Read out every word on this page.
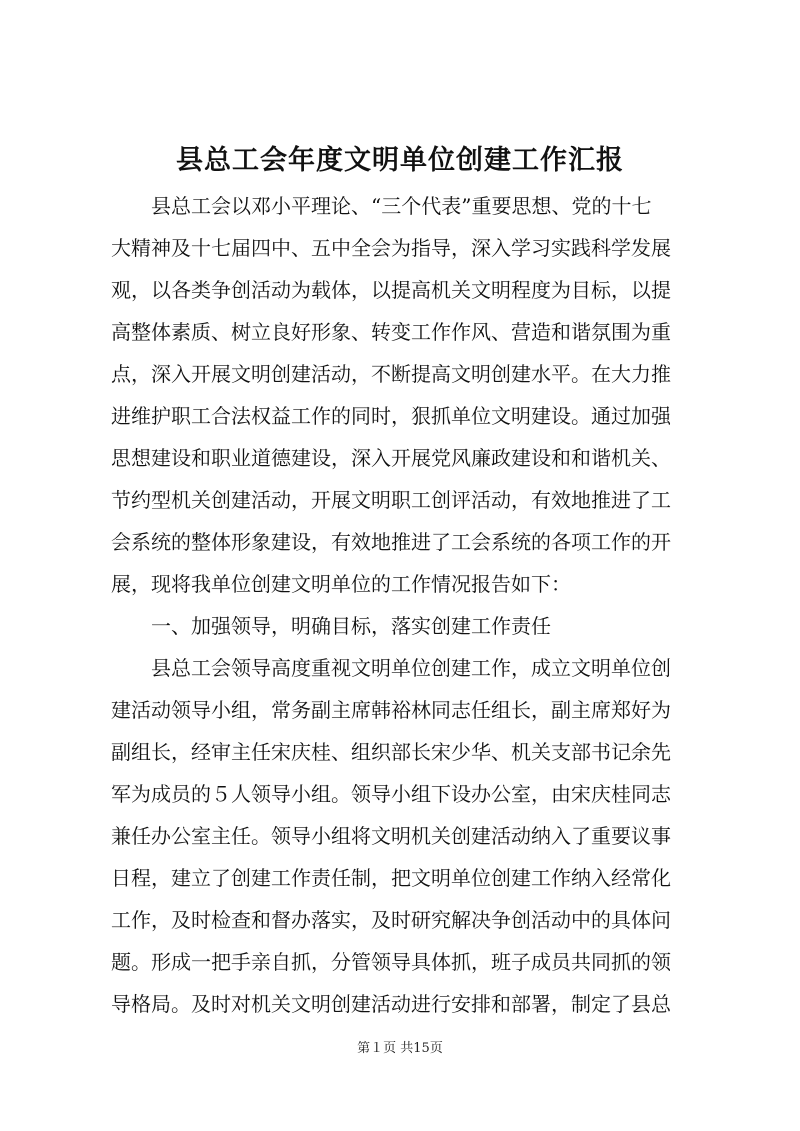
县总工会年度文明单位创建工作汇报
县总工会以邓小平理论、“三个代表”重要思想、党的十七
大精神及十七届四中、五中全会为指导，深入学习实践科学发展
观，以各类争创活动为载体，以提高机关文明程度为目标，以提
高整体素质、树立良好形象、转变工作作风、营造和谐氛围为重
点，深入开展文明创建活动，不断提高文明创建水平。在大力推
进维护职工合法权益工作的同时，狠抓单位文明建设。通过加强
思想建设和职业道德建设，深入开展党风廉政建设和和谐机关、
节约型机关创建活动，开展文明职工创评活动，有效地推进了工
会系统的整体形象建设，有效地推进了工会系统的各项工作的开
展，现将我单位创建文明单位的工作情况报告如下：
一、加强领导，明确目标，落实创建工作责任
县总工会领导高度重视文明单位创建工作，成立文明单位创
建活动领导小组，常务副主席韩裕林同志任组长，副主席郑好为
副组长，经审主任宋庆桂、组织部长宋少华、机关支部书记余先
军为成员的５人领导小组。领导小组下设办公室，由宋庆桂同志
兼任办公室主任。领导小组将文明机关创建活动纳入了重要议事
日程，建立了创建工作责任制，把文明单位创建工作纳入经常化
工作，及时检查和督办落实，及时研究解决争创活动中的具体问
题。形成一把手亲自抓，分管领导具体抓，班子成员共同抓的领
导格局。及时对机关文明创建活动进行安排和部署，制定了县总
第１页 共15页
